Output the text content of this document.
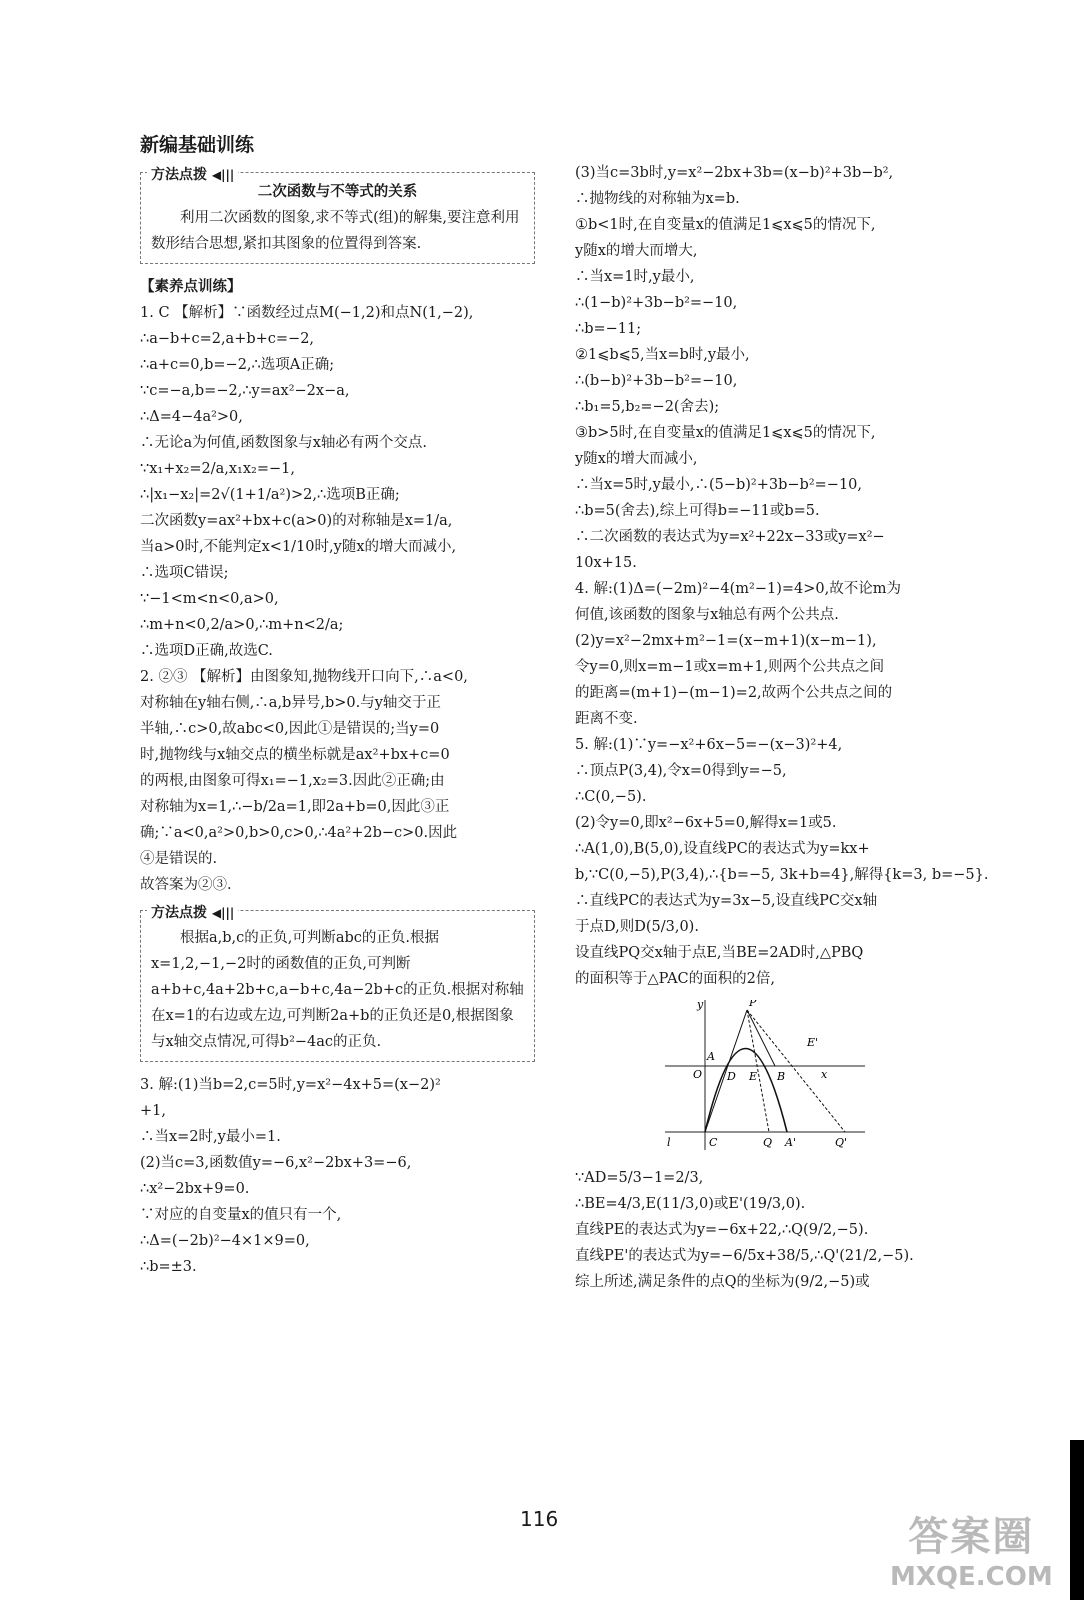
新编基础训练
方法点拨 ◀|||

二次函数与不等式的关系

利用二次函数的图象,求不等式(组)的解集,要注意利用数形结合思想,紧扣其图象的位置得到答案.

【素养点训练】

1. C 【解析】∵函数经过点M(−1,2)和点N(1,−2),

∴a−b+c=2,a+b+c=−2,

∴a+c=0,b=−2,∴选项A正确;

∵c=−a,b=−2,∴y=ax²−2x−a,

∴Δ=4−4a²>0,

∴无论a为何值,函数图象与x轴必有两个交点.

∵x₁+x₂=2/a,x₁x₂=−1,

∴|x₁−x₂|=2√(1+1/a²)>2,∴选项B正确;

二次函数y=ax²+bx+c(a>0)的对称轴是x=1/a,

当a>0时,不能判定x<1/10时,y随x的增大而减小,

∴选项C错误;

∵−1<m<n<0,a>0,

∴m+n<0,2/a>0,∴m+n<2/a;

∴选项D正确,故选C.

2. ②③ 【解析】由图象知,抛物线开口向下,∴a<0,

对称轴在y轴右侧,∴a,b异号,b>0.与y轴交于正

半轴,∴c>0,故abc<0,因此①是错误的;当y=0

时,抛物线与x轴交点的横坐标就是ax²+bx+c=0

的两根,由图象可得x₁=−1,x₂=3.因此②正确;由

对称轴为x=1,∴−b/2a=1,即2a+b=0,因此③正

确;∵a<0,a²>0,b>0,c>0,∴4a²+2b−c>0.因此

④是错误的.

故答案为②③.

方法点拨 ◀|||

根据a,b,c的正负,可判断abc的正负.根据x=1,2,−1,−2时的函数值的正负,可判断a+b+c,4a+2b+c,a−b+c,4a−2b+c的正负.根据对称轴在x=1的右边或左边,可判断2a+b的正负还是0,根据图象与x轴交点情况,可得b²−4ac的正负.

3. 解:(1)当b=2,c=5时,y=x²−4x+5=(x−2)²

+1,

∴当x=2时,y最小=1.

(2)当c=3,函数值y=−6,x²−2bx+3=−6,

∴x²−2bx+9=0.

∵对应的自变量x的值只有一个,

∴Δ=(−2b)²−4×1×9=0,

∴b=±3.

(3)当c=3b时,y=x²−2bx+3b=(x−b)²+3b−b²,

∴抛物线的对称轴为x=b.

①b<1时,在自变量x的值满足1⩽x⩽5的情况下,

y随x的增大而增大,

∴当x=1时,y最小,

∴(1−b)²+3b−b²=−10,

∴b=−11;

②1⩽b⩽5,当x=b时,y最小,

∴(b−b)²+3b−b²=−10,

∴b₁=5,b₂=−2(舍去);

③b>5时,在自变量x的值满足1⩽x⩽5的情况下,

y随x的增大而减小,

∴当x=5时,y最小,∴(5−b)²+3b−b²=−10,

∴b=5(舍去),综上可得b=−11或b=5.

∴二次函数的表达式为y=x²+22x−33或y=x²−

10x+15.

4. 解:(1)Δ=(−2m)²−4(m²−1)=4>0,故不论m为

何值,该函数的图象与x轴总有两个公共点.

(2)y=x²−2mx+m²−1=(x−m+1)(x−m−1),

令y=0,则x=m−1或x=m+1,则两个公共点之间

的距离=(m+1)−(m−1)=2,故两个公共点之间的

距离不变.

5. 解:(1)∵y=−x²+6x−5=−(x−3)²+4,

∴顶点P(3,4),令x=0得到y=−5,

∴C(0,−5).

(2)令y=0,即x²−6x+5=0,解得x=1或5.

∴A(1,0),B(5,0),设直线PC的表达式为y=kx+

b,∵C(0,−5),P(3,4),∴{b=−5, 3k+b=4},解得{k=3, b=−5}.

∴直线PC的表达式为y=3x−5,设直线PC交x轴

于点D,则D(5/3,0).

设直线PQ交x轴于点E,当BE=2AD时,△PBQ

的面积等于△PAC的面积的2倍,

y	P
E'
A
O D E B	x
l	C	Q A'	Q'

∵AD=5/3−1=2/3,

∴BE=4/3,E(11/3,0)或E'(19/3,0).

直线PE的表达式为y=−6x+22,∴Q(9/2,−5).

直线PE'的表达式为y=−6/5x+38/5,∴Q'(21/2,−5).

综上所述,满足条件的点Q的坐标为(9/2,−5)或

116	答案圈
MXQE.COM
